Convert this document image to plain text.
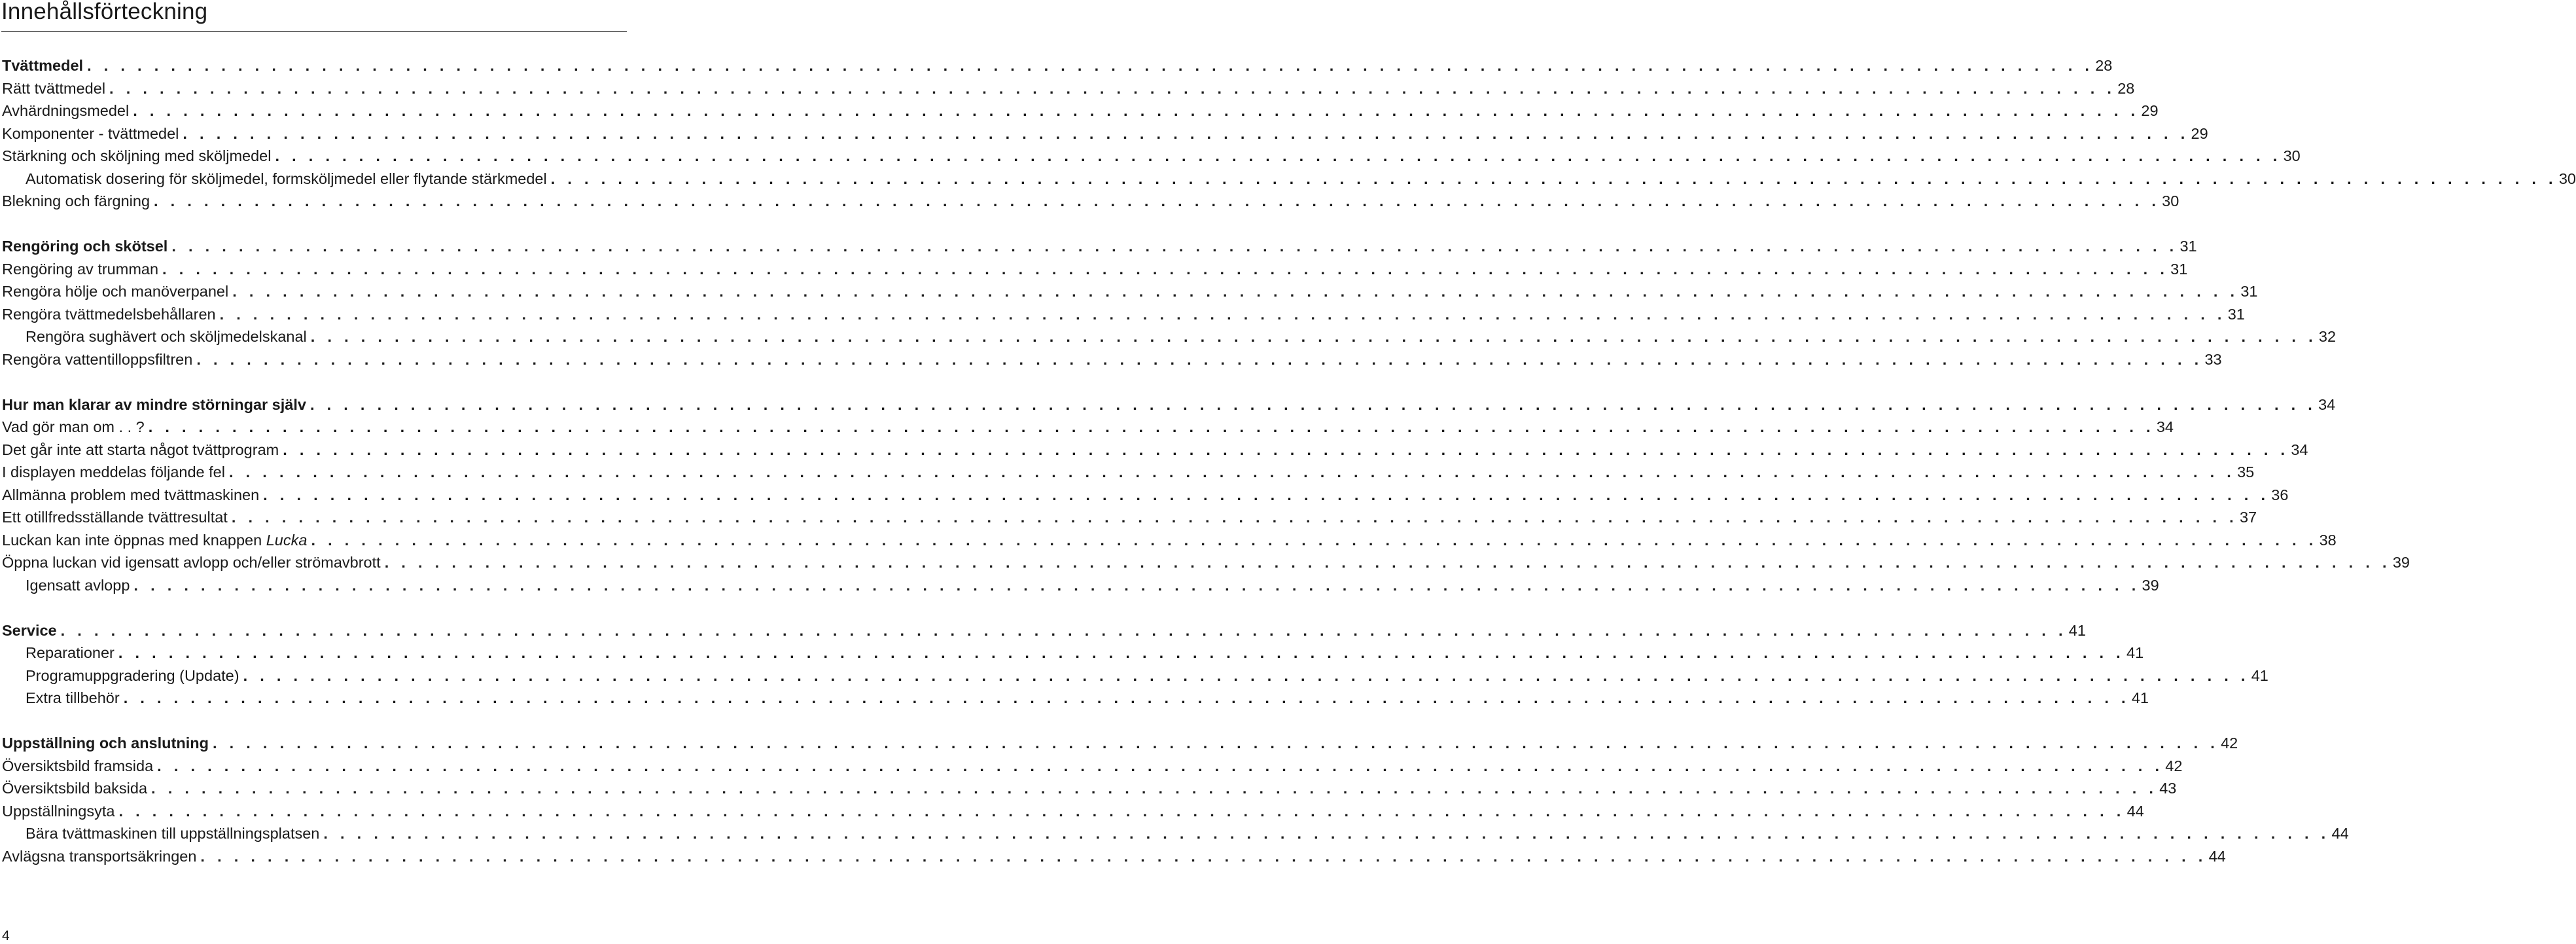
Innehållsförteckning
Tvättmedel . . . . . . . . . . . . . . . . . . . . . . . . . . . . . . . . . . . . . . . . . . . . . . . . . . . . . . . . . . . . . . . . . . . . . . . . . . . . . . . . . . . . . . . . . . . . . . . . . . . . . . . . . . . . . . . . . . . . . . . . 28
Rätt tvättmedel . . . . . . . . . . . . . . . . . . . . . . . . . . . . . . . . . . . . . . . . . . . . . . . . . . . . . . . . . . . . . . . . . . . . . . . . . . . . . . . . . . . . . . . . . . . . . . . . . . . . . . . . . . . . . . . . . . . . . . . . 28
Avhärdningsmedel . . . . . . . . . . . . . . . . . . . . . . . . . . . . . . . . . . . . . . . . . . . . . . . . . . . . . . . . . . . . . . . . . . . . . . . . . . . . . . . . . . . . . . . . . . . . . . . . . . . . . . . . . . . . . . . . . . . . . . . . 29
Komponenter - tvättmedel . . . . . . . . . . . . . . . . . . . . . . . . . . . . . . . . . . . . . . . . . . . . . . . . . . . . . . . . . . . . . . . . . . . . . . . . . . . . . . . . . . . . . . . . . . . . . . . . . . . . . . . . . . . . . . . . . . . . . . . . 29
Stärkning och sköljning med sköljmedel . . . . . . . . . . . . . . . . . . . . . . . . . . . . . . . . . . . . . . . . . . . . . . . . . . . . . . . . . . . . . . . . . . . . . . . . . . . . . . . . . . . . . . . . . . . . . . . . . . . . . . . . . . . . . . . . . . . . . . . . 30
Automatisk dosering för sköljmedel, formsköljmedel eller flytande stärkmedel . . . . . . . . . . . . . . . . . . . . . . . . . . . . . . . . . . . . . . . . . . . . . . . . . . . . . . . . . . . . . . . . . . . . . . . . . . . . . . . . . . . . . . . . . . . . . . . . . . . . . . . . . . . . . . . . . . . . . . . . 30
Blekning och färgning . . . . . . . . . . . . . . . . . . . . . . . . . . . . . . . . . . . . . . . . . . . . . . . . . . . . . . . . . . . . . . . . . . . . . . . . . . . . . . . . . . . . . . . . . . . . . . . . . . . . . . . . . . . . . . . . . . . . . . . . 30
Rengöring och skötsel . . . . . . . . . . . . . . . . . . . . . . . . . . . . . . . . . . . . . . . . . . . . . . . . . . . . . . . . . . . . . . . . . . . . . . . . . . . . . . . . . . . . . . . . . . . . . . . . . . . . . . . . . . . . . . . . . . . . . . . . 31
Rengöring av trumman . . . . . . . . . . . . . . . . . . . . . . . . . . . . . . . . . . . . . . . . . . . . . . . . . . . . . . . . . . . . . . . . . . . . . . . . . . . . . . . . . . . . . . . . . . . . . . . . . . . . . . . . . . . . . . . . . . . . . . . . 31
Rengöra hölje och manöverpanel . . . . . . . . . . . . . . . . . . . . . . . . . . . . . . . . . . . . . . . . . . . . . . . . . . . . . . . . . . . . . . . . . . . . . . . . . . . . . . . . . . . . . . . . . . . . . . . . . . . . . . . . . . . . . . . . . . . . . . . . 31
Rengöra tvättmedelsbehållaren . . . . . . . . . . . . . . . . . . . . . . . . . . . . . . . . . . . . . . . . . . . . . . . . . . . . . . . . . . . . . . . . . . . . . . . . . . . . . . . . . . . . . . . . . . . . . . . . . . . . . . . . . . . . . . . . . . . . . . . . 31
Rengöra sughävert och sköljmedelskanal . . . . . . . . . . . . . . . . . . . . . . . . . . . . . . . . . . . . . . . . . . . . . . . . . . . . . . . . . . . . . . . . . . . . . . . . . . . . . . . . . . . . . . . . . . . . . . . . . . . . . . . . . . . . . . . . . . . . . . . . 32
Rengöra vattentilloppsfiltren . . . . . . . . . . . . . . . . . . . . . . . . . . . . . . . . . . . . . . . . . . . . . . . . . . . . . . . . . . . . . . . . . . . . . . . . . . . . . . . . . . . . . . . . . . . . . . . . . . . . . . . . . . . . . . . . . . . . . . . . 33
Hur man klarar av mindre störningar själv . . . . . . . . . . . . . . . . . . . . . . . . . . . . . . . . . . . . . . . . . . . . . . . . . . . . . . . . . . . . . . . . . . . . . . . . . . . . . . . . . . . . . . . . . . . . . . . . . . . . . . . . . . . . . . . . . . . . . . . . 34
Vad gör man om . . ? . . . . . . . . . . . . . . . . . . . . . . . . . . . . . . . . . . . . . . . . . . . . . . . . . . . . . . . . . . . . . . . . . . . . . . . . . . . . . . . . . . . . . . . . . . . . . . . . . . . . . . . . . . . . . . . . . . . . . . . . 34
Det går inte att starta något tvättprogram . . . . . . . . . . . . . . . . . . . . . . . . . . . . . . . . . . . . . . . . . . . . . . . . . . . . . . . . . . . . . . . . . . . . . . . . . . . . . . . . . . . . . . . . . . . . . . . . . . . . . . . . . . . . . . . . . . . . . . . . 34
I displayen meddelas följande fel . . . . . . . . . . . . . . . . . . . . . . . . . . . . . . . . . . . . . . . . . . . . . . . . . . . . . . . . . . . . . . . . . . . . . . . . . . . . . . . . . . . . . . . . . . . . . . . . . . . . . . . . . . . . . . . . . . . . . . . . 35
Allmänna problem med tvättmaskinen . . . . . . . . . . . . . . . . . . . . . . . . . . . . . . . . . . . . . . . . . . . . . . . . . . . . . . . . . . . . . . . . . . . . . . . . . . . . . . . . . . . . . . . . . . . . . . . . . . . . . . . . . . . . . . . . . . . . . . . . 36
Ett otillfredsställande tvättresultat . . . . . . . . . . . . . . . . . . . . . . . . . . . . . . . . . . . . . . . . . . . . . . . . . . . . . . . . . . . . . . . . . . . . . . . . . . . . . . . . . . . . . . . . . . . . . . . . . . . . . . . . . . . . . . . . . . . . . . . . 37
Luckan kan inte öppnas med knappen Lucka . . . . . . . . . . . . . . . . . . . . . . . . . . . . . . . . . . . . . . . . . . . . . . . . . . . . . . . . . . . . . . . . . . . . . . . . . . . . . . . . . . . . . . . . . . . . . . . . . . . . . . . . . . . . . . . . . . . . . . . . 38
Öppna luckan vid igensatt avlopp och/eller strömavbrott . . . . . . . . . . . . . . . . . . . . . . . . . . . . . . . . . . . . . . . . . . . . . . . . . . . . . . . . . . . . . . . . . . . . . . . . . . . . . . . . . . . . . . . . . . . . . . . . . . . . . . . . . . . . . . . . . . . . . . . . 39
Igensatt avlopp . . . . . . . . . . . . . . . . . . . . . . . . . . . . . . . . . . . . . . . . . . . . . . . . . . . . . . . . . . . . . . . . . . . . . . . . . . . . . . . . . . . . . . . . . . . . . . . . . . . . . . . . . . . . . . . . . . . . . . . . 39
Service . . . . . . . . . . . . . . . . . . . . . . . . . . . . . . . . . . . . . . . . . . . . . . . . . . . . . . . . . . . . . . . . . . . . . . . . . . . . . . . . . . . . . . . . . . . . . . . . . . . . . . . . . . . . . . . . . . . . . . . . 41
Reparationer . . . . . . . . . . . . . . . . . . . . . . . . . . . . . . . . . . . . . . . . . . . . . . . . . . . . . . . . . . . . . . . . . . . . . . . . . . . . . . . . . . . . . . . . . . . . . . . . . . . . . . . . . . . . . . . . . . . . . . . . 41
Programuppgradering (Update) . . . . . . . . . . . . . . . . . . . . . . . . . . . . . . . . . . . . . . . . . . . . . . . . . . . . . . . . . . . . . . . . . . . . . . . . . . . . . . . . . . . . . . . . . . . . . . . . . . . . . . . . . . . . . . . . . . . . . . . . 41
Extra tillbehör . . . . . . . . . . . . . . . . . . . . . . . . . . . . . . . . . . . . . . . . . . . . . . . . . . . . . . . . . . . . . . . . . . . . . . . . . . . . . . . . . . . . . . . . . . . . . . . . . . . . . . . . . . . . . . . . . . . . . . . . 41
Uppställning och anslutning . . . . . . . . . . . . . . . . . . . . . . . . . . . . . . . . . . . . . . . . . . . . . . . . . . . . . . . . . . . . . . . . . . . . . . . . . . . . . . . . . . . . . . . . . . . . . . . . . . . . . . . . . . . . . . . . . . . . . . . . 42
Översiktsbild framsida . . . . . . . . . . . . . . . . . . . . . . . . . . . . . . . . . . . . . . . . . . . . . . . . . . . . . . . . . . . . . . . . . . . . . . . . . . . . . . . . . . . . . . . . . . . . . . . . . . . . . . . . . . . . . . . . . . . . . . . . 42
Översiktsbild baksida . . . . . . . . . . . . . . . . . . . . . . . . . . . . . . . . . . . . . . . . . . . . . . . . . . . . . . . . . . . . . . . . . . . . . . . . . . . . . . . . . . . . . . . . . . . . . . . . . . . . . . . . . . . . . . . . . . . . . . . . 43
Uppställningsyta . . . . . . . . . . . . . . . . . . . . . . . . . . . . . . . . . . . . . . . . . . . . . . . . . . . . . . . . . . . . . . . . . . . . . . . . . . . . . . . . . . . . . . . . . . . . . . . . . . . . . . . . . . . . . . . . . . . . . . . . 44
Bära tvättmaskinen till uppställningsplatsen . . . . . . . . . . . . . . . . . . . . . . . . . . . . . . . . . . . . . . . . . . . . . . . . . . . . . . . . . . . . . . . . . . . . . . . . . . . . . . . . . . . . . . . . . . . . . . . . . . . . . . . . . . . . . . . . . . . . . . . . 44
Avlägsna transportsäkringen . . . . . . . . . . . . . . . . . . . . . . . . . . . . . . . . . . . . . . . . . . . . . . . . . . . . . . . . . . . . . . . . . . . . . . . . . . . . . . . . . . . . . . . . . . . . . . . . . . . . . . . . . . . . . . . . . . . . . . . . 44
4
